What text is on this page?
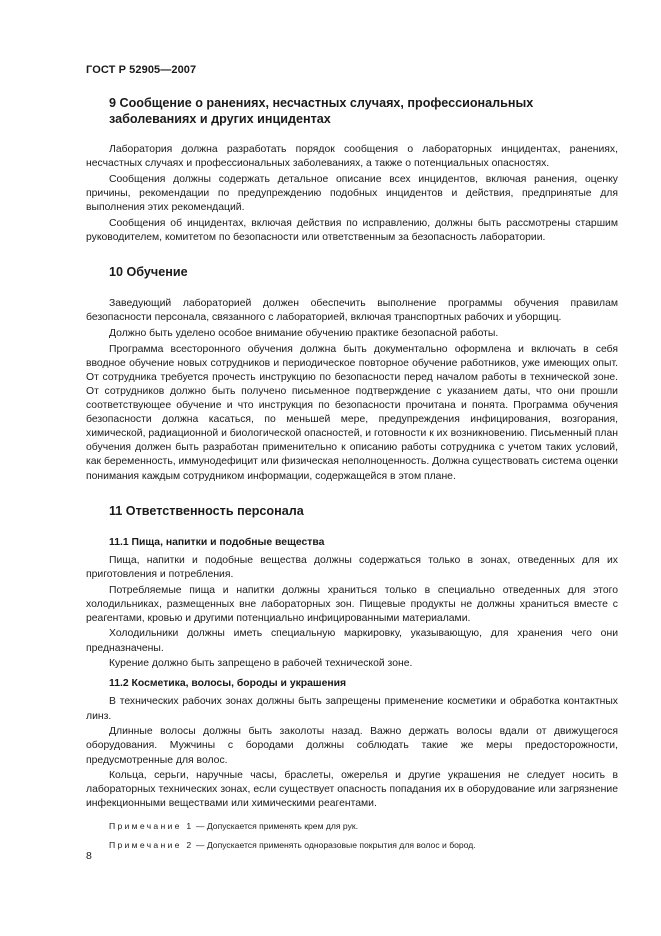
ГОСТ Р 52905—2007
9 Сообщение о ранениях, несчастных случаях, профессиональных заболеваниях и других инцидентах

Лаборатория должна разработать порядок сообщения о лабораторных инцидентах, ранениях, несчастных случаях и профессиональных заболеваниях, а также о потенциальных опасностях.

Сообщения должны содержать детальное описание всех инцидентов, включая ранения, оценку причины, рекомендации по предупреждению подобных инцидентов и действия, предпринятые для выполнения этих рекомендаций.

Сообщения об инцидентах, включая действия по исправлению, должны быть рассмотрены старшим руководителем, комитетом по безопасности или ответственным за безопасность лаборатории.

10 Обучение

Заведующий лабораторией должен обеспечить выполнение программы обучения правилам безопасности персонала, связанного с лабораторией, включая транспортных рабочих и уборщиц.

Должно быть уделено особое внимание обучению практике безопасной работы.

Программа всесторонного обучения должна быть документально оформлена и включать в себя вводное обучение новых сотрудников и периодическое повторное обучение работников, уже имеющих опыт. От сотрудника требуется прочесть инструкцию по безопасности перед началом работы в технической зоне. От сотрудников должно быть получено письменное подтверждение с указанием даты, что они прошли соответствующее обучение и что инструкция по безопасности прочитана и понята. Программа обучения безопасности должна касаться, по меньшей мере, предупреждения инфицирования, возгорания, химической, радиационной и биологической опасностей, и готовности к их возникновению. Письменный план обучения должен быть разработан применительно к описанию работы сотрудника с учетом таких условий, как беременность, иммунодефицит или физическая неполноценность. Должна существовать система оценки понимания каждым сотрудником информации, содержащейся в этом плане.

11 Ответственность персонала
11.1 Пища, напитки и подобные вещества

Пища, напитки и подобные вещества должны содержаться только в зонах, отведенных для их приготовления и потребления.

Потребляемые пища и напитки должны храниться только в специально отведенных для этого холодильниках, размещенных вне лабораторных зон. Пищевые продукты не должны храниться вместе с реагентами, кровью и другими потенциально инфицированными материалами.

Холодильники должны иметь специальную маркировку, указывающую, для хранения чего они предназначены.

Курение должно быть запрещено в рабочей технической зоне.

11.2 Косметика, волосы, бороды и украшения

В технических рабочих зонах должны быть запрещены применение косметики и обработка контактных линз.

Длинные волосы должны быть заколоты назад. Важно держать волосы вдали от движущегося оборудования. Мужчины с бородами должны соблюдать такие же меры предосторожности, предусмотренные для волос.

Кольца, серьги, наручные часы, браслеты, ожерелья и другие украшения не следует носить в лабораторных технических зонах, если существует опасность попадания их в оборудование или загрязнение инфекционными веществами или химическими реагентами.

Примечание 1 — Допускается применять крем для рук.

Примечание 2 — Допускается применять одноразовые покрытия для волос и бород.

8
